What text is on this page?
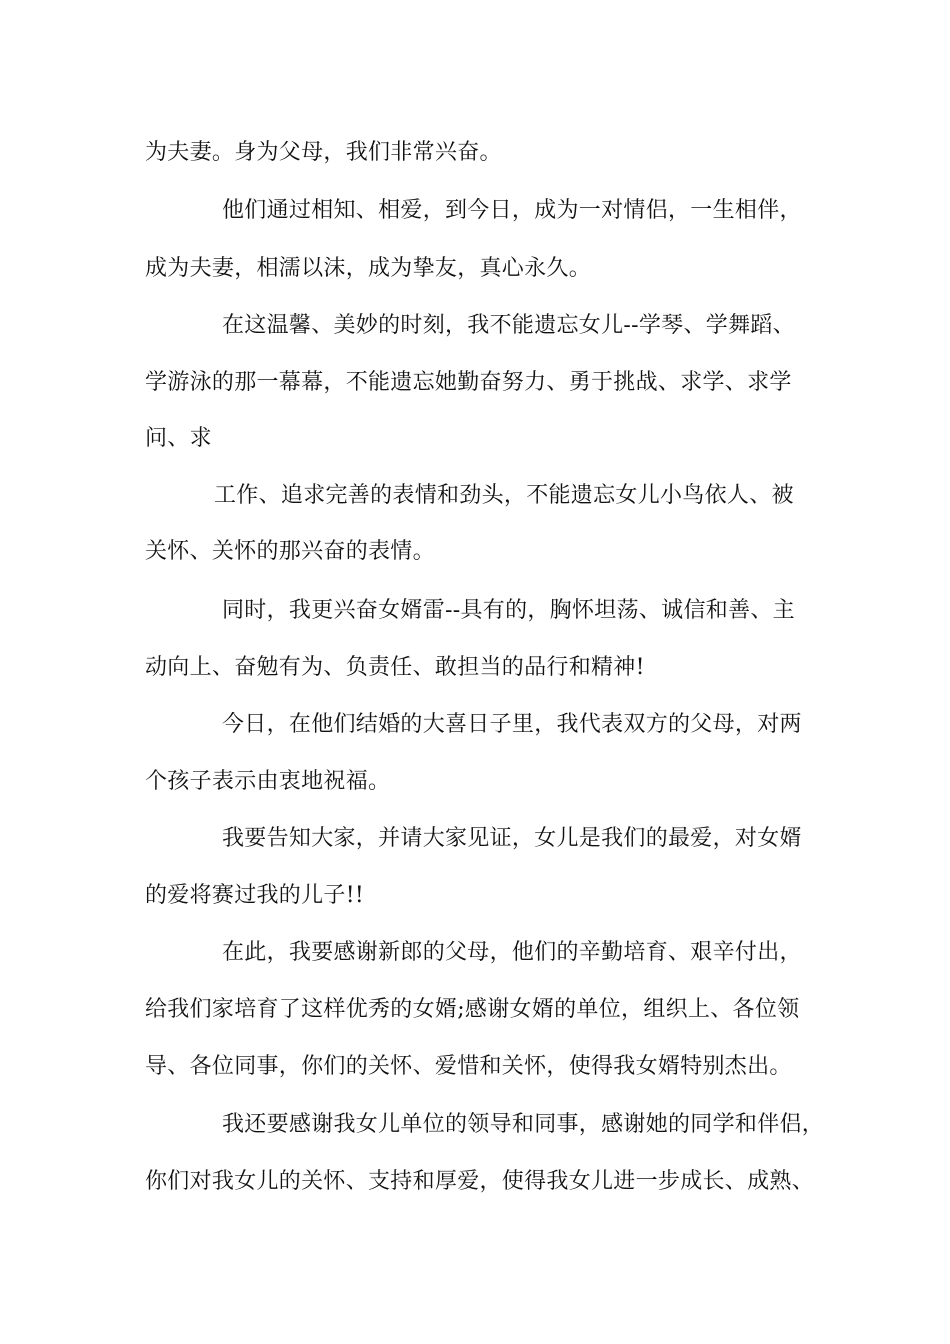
为夫妻。身为父母，我们非常兴奋。
他们通过相知、相爱，到今日，成为一对情侣，一生相伴，
成为夫妻，相濡以沫，成为挚友，真心永久。
在这温馨、美妙的时刻，我不能遗忘女儿--学琴、学舞蹈、
学游泳的那一幕幕，不能遗忘她勤奋努力、勇于挑战、求学、求学
问、求
工作、追求完善的表情和劲头，不能遗忘女儿小鸟依人、被
关怀、关怀的那兴奋的表情。
同时，我更兴奋女婿雷--具有的，胸怀坦荡、诚信和善、主
动向上、奋勉有为、负责任、敢担当的品行和精神!
今日，在他们结婚的大喜日子里，我代表双方的父母，对两
个孩子表示由衷地祝福。
我要告知大家，并请大家见证，女儿是我们的最爱，对女婿
的爱将赛过我的儿子!!
在此，我要感谢新郎的父母，他们的辛勤培育、艰辛付出，
给我们家培育了这样优秀的女婿;感谢女婿的单位，组织上、各位领
导、各位同事，你们的关怀、爱惜和关怀，使得我女婿特别杰出。
我还要感谢我女儿单位的领导和同事，感谢她的同学和伴侣，
你们对我女儿的关怀、支持和厚爱，使得我女儿进一步成长、成熟、
